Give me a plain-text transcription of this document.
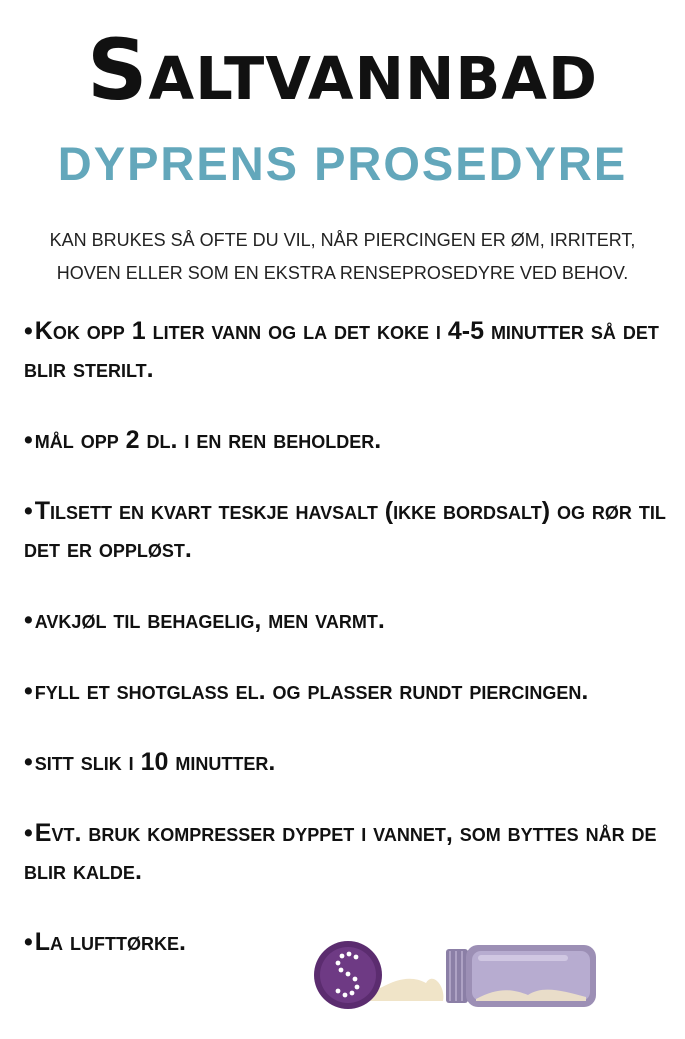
Saltvannbad
DYPRENS PROSEDYRE

KAN BRUKES SÅ OFTE DU VIL, NÅR PIERCINGEN ER ØM, IRRITERT,
HOVEN ELLER SOM EN EKSTRA RENSEPROSEDYRE VED BEHOV.

•Kok opp 1 liter vann og la det koke i 4-5 minutter så det blir sterilt.
•mål opp 2 dl. i en ren beholder.
•Tilsett en kvart teskje havsalt (ikke bordsalt) og rør til det er oppløst.
•avkjøl til behagelig, men varmt.
•fyll et shotglass el. og plasser rundt piercingen.
•sitt slik i 10 minutter.
•Evt. bruk kompresser dyppet i vannet, som byttes når de blir kalde.
•La lufttørke.
